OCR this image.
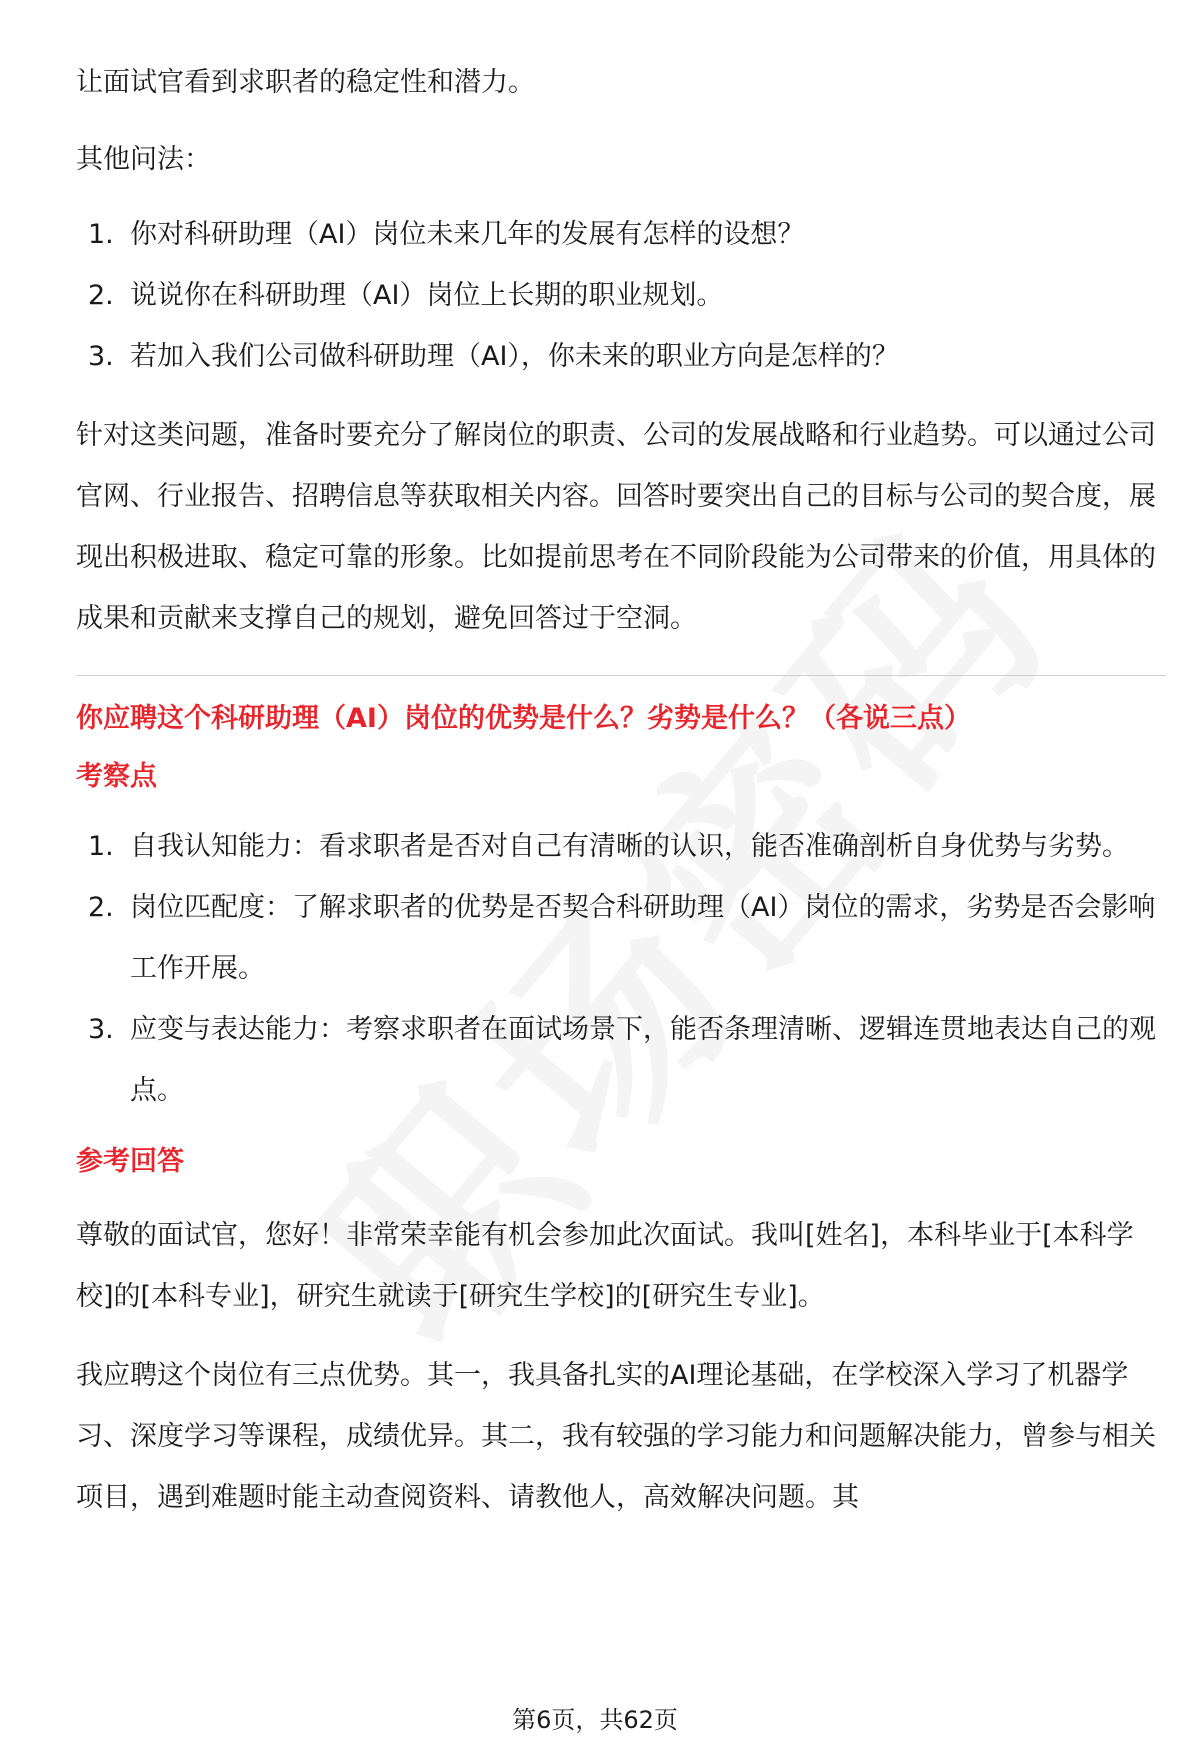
让面试官看到求职者的稳定性和潜力。

其他问法：

1. 你对科研助理（AI）岗位未来几年的发展有怎样的设想？
2. 说说你在科研助理（AI）岗位上长期的职业规划。
3. 若加入我们公司做科研助理（AI），你未来的职业方向是怎样的？

针对这类问题，准备时要充分了解岗位的职责、公司的发展战略和行业趋势。可以通过公司官网、行业报告、招聘信息等获取相关内容。回答时要突出自己的目标与公司的契合度，展现出积极进取、稳定可靠的形象。比如提前思考在不同阶段能为公司带来的价值，用具体的成果和贡献来支撑自己的规划，避免回答过于空洞。

你应聘这个科研助理（AI）岗位的优势是什么？劣势是什么？（各说三点）

考察点

1. 自我认知能力：看求职者是否对自己有清晰的认识，能否准确剖析自身优势与劣势。
2. 岗位匹配度：了解求职者的优势是否契合科研助理（AI）岗位的需求，劣势是否会影响工作开展。
3. 应变与表达能力：考察求职者在面试场景下，能否条理清晰、逻辑连贯地表达自己的观点。

参考回答

尊敬的面试官，您好！非常荣幸能有机会参加此次面试。我叫[姓名]，本科毕业于[本科学校]的[本科专业]，研究生就读于[研究生学校]的[研究生专业]。

我应聘这个岗位有三点优势。其一，我具备扎实的AI理论基础，在学校深入学习了机器学习、深度学习等课程，成绩优异。其二，我有较强的学习能力和问题解决能力，曾参与相关项目，遇到难题时能主动查阅资料、请教他人，高效解决问题。其

第6页，共62页
